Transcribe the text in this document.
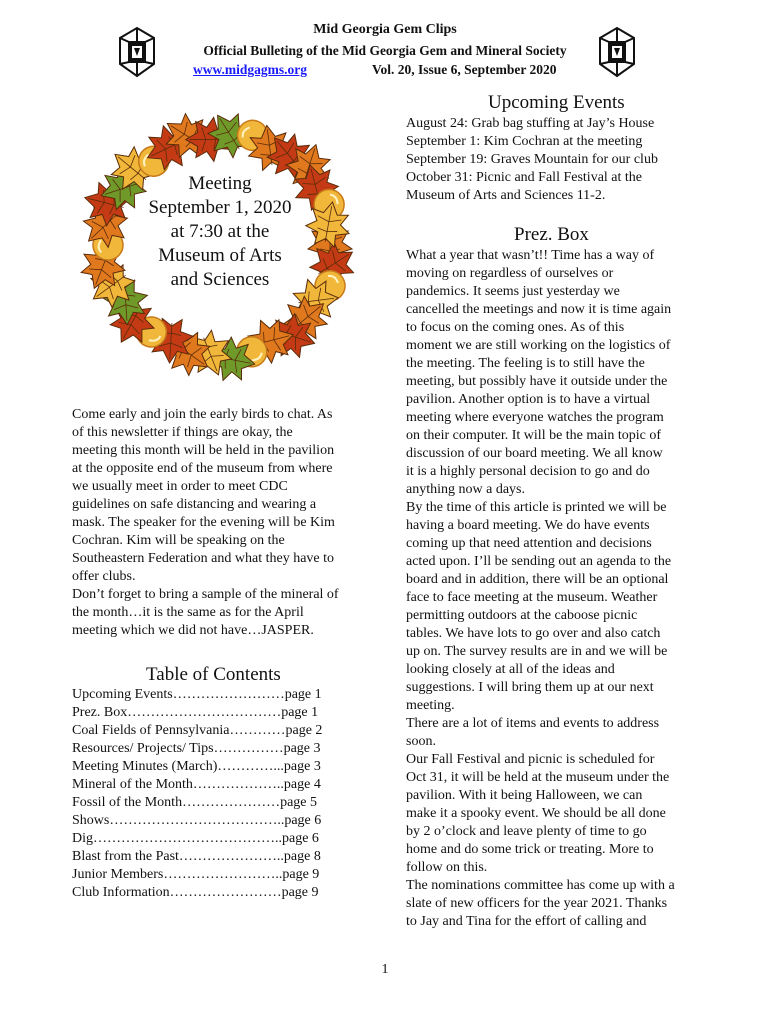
Mid Georgia Gem Clips
Official Bulleting of the Mid Georgia Gem and Mineral Society
www.midgagms.org	Vol. 20, Issue 6, September 2020
Meeting
September 1, 2020
at 7:30 at the
Museum of Arts
and Sciences
Come early and join the early birds to chat. As
of this newsletter if things are okay, the
meeting this month will be held in the pavilion
at the opposite end of the museum from where
we usually meet in order to meet CDC
guidelines on safe distancing and wearing a
mask. The speaker for the evening will be Kim
Cochran. Kim will be speaking on the
Southeastern Federation and what they have to
offer clubs.
Don’t forget to bring a sample of the mineral of
the month…it is the same as for the April
meeting which we did not have…JASPER.
Table of Contents
Upcoming Events……………………page 1
Prez. Box……………………………page 1
Coal Fields of Pennsylvania…………page 2
Resources/ Projects/ Tips……………page 3
Meeting Minutes (March)…………...page 3
Mineral of the Month………………..page 4
Fossil of the Month…………………page 5
Shows………………………………..page 6
Dig…………………………………..page 6
Blast from the Past…………………..page 8
Junior Members……………………..page 9
Club Information……………………page 9
Upcoming Events
August 24: Grab bag stuffing at Jay’s House
September 1: Kim Cochran at the meeting
September 19: Graves Mountain for our club
October 31: Picnic and Fall Festival at the
Museum of Arts and Sciences 11-2.
Prez. Box
What a year that wasn’t!! Time has a way of
moving on regardless of ourselves or
pandemics. It seems just yesterday we
cancelled the meetings and now it is time again
to focus on the coming ones. As of this
moment we are still working on the logistics of
the meeting. The feeling is to still have the
meeting, but possibly have it outside under the
pavilion. Another option is to have a virtual
meeting where everyone watches the program
on their computer. It will be the main topic of
discussion of our board meeting. We all know
it is a highly personal decision to go and do
anything now a days.
By the time of this article is printed we will be
having a board meeting. We do have events
coming up that need attention and decisions
acted upon. I’ll be sending out an agenda to the
board and in addition, there will be an optional
face to face meeting at the museum. Weather
permitting outdoors at the caboose picnic
tables. We have lots to go over and also catch
up on. The survey results are in and we will be
looking closely at all of the ideas and
suggestions. I will bring them up at our next
meeting.
There are a lot of items and events to address
soon.
Our Fall Festival and picnic is scheduled for
Oct 31, it will be held at the museum under the
pavilion. With it being Halloween, we can
make it a spooky event. We should be all done
by 2 o’clock and leave plenty of time to go
home and do some trick or treating. More to
follow on this.
The nominations committee has come up with a
slate of new officers for the year 2021. Thanks
to Jay and Tina for the effort of calling and
1
